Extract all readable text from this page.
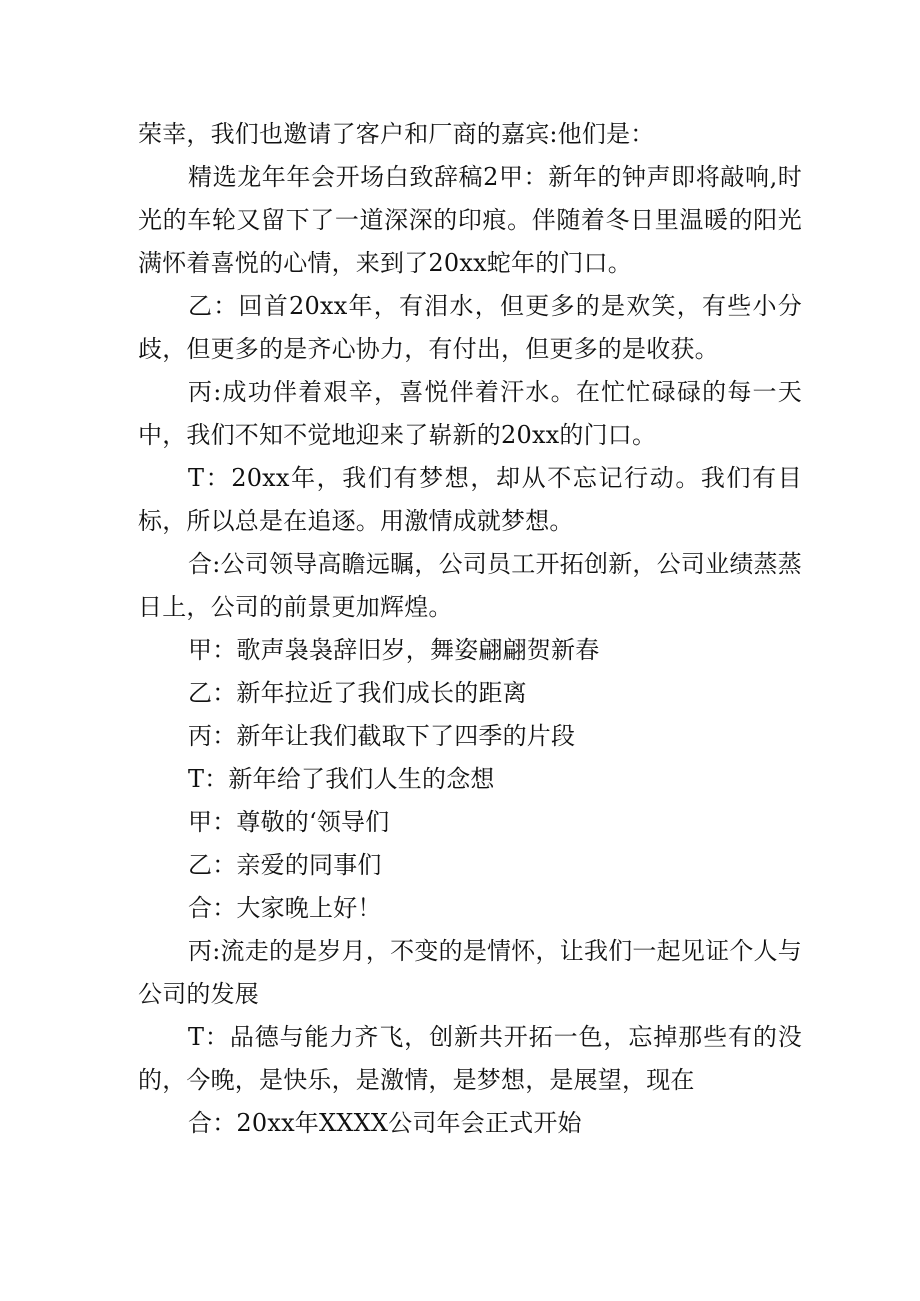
荣幸，我们也邀请了客户和厂商的嘉宾:他们是：

精选龙年年会开场白致辞稿2甲：新年的钟声即将敲响,时光的车轮又留下了一道深深的印痕。伴随着冬日里温暖的阳光满怀着喜悦的心情，来到了20xx蛇年的门口。

乙：回首20xx年，有泪水，但更多的是欢笑，有些小分歧，但更多的是齐心协力，有付出，但更多的是收获。

丙:成功伴着艰辛，喜悦伴着汗水。在忙忙碌碌的每一天中，我们不知不觉地迎来了崭新的20xx的门口。

T：20xx年，我们有梦想，却从不忘记行动。我们有目标，所以总是在追逐。用激情成就梦想。

合:公司领导高瞻远瞩，公司员工开拓创新，公司业绩蒸蒸日上，公司的前景更加辉煌。

甲：歌声袅袅辞旧岁，舞姿翩翩贺新春

乙：新年拉近了我们成长的距离

丙：新年让我们截取下了四季的片段

T：新年给了我们人生的念想

甲：尊敬的‘领导们

乙：亲爱的同事们

合：大家晚上好！

丙:流走的是岁月，不变的是情怀，让我们一起见证个人与公司的发展

T：品德与能力齐飞，创新共开拓一色，忘掉那些有的没的，今晚，是快乐，是激情，是梦想，是展望，现在

合：20xx年XXXX公司年会正式开始
